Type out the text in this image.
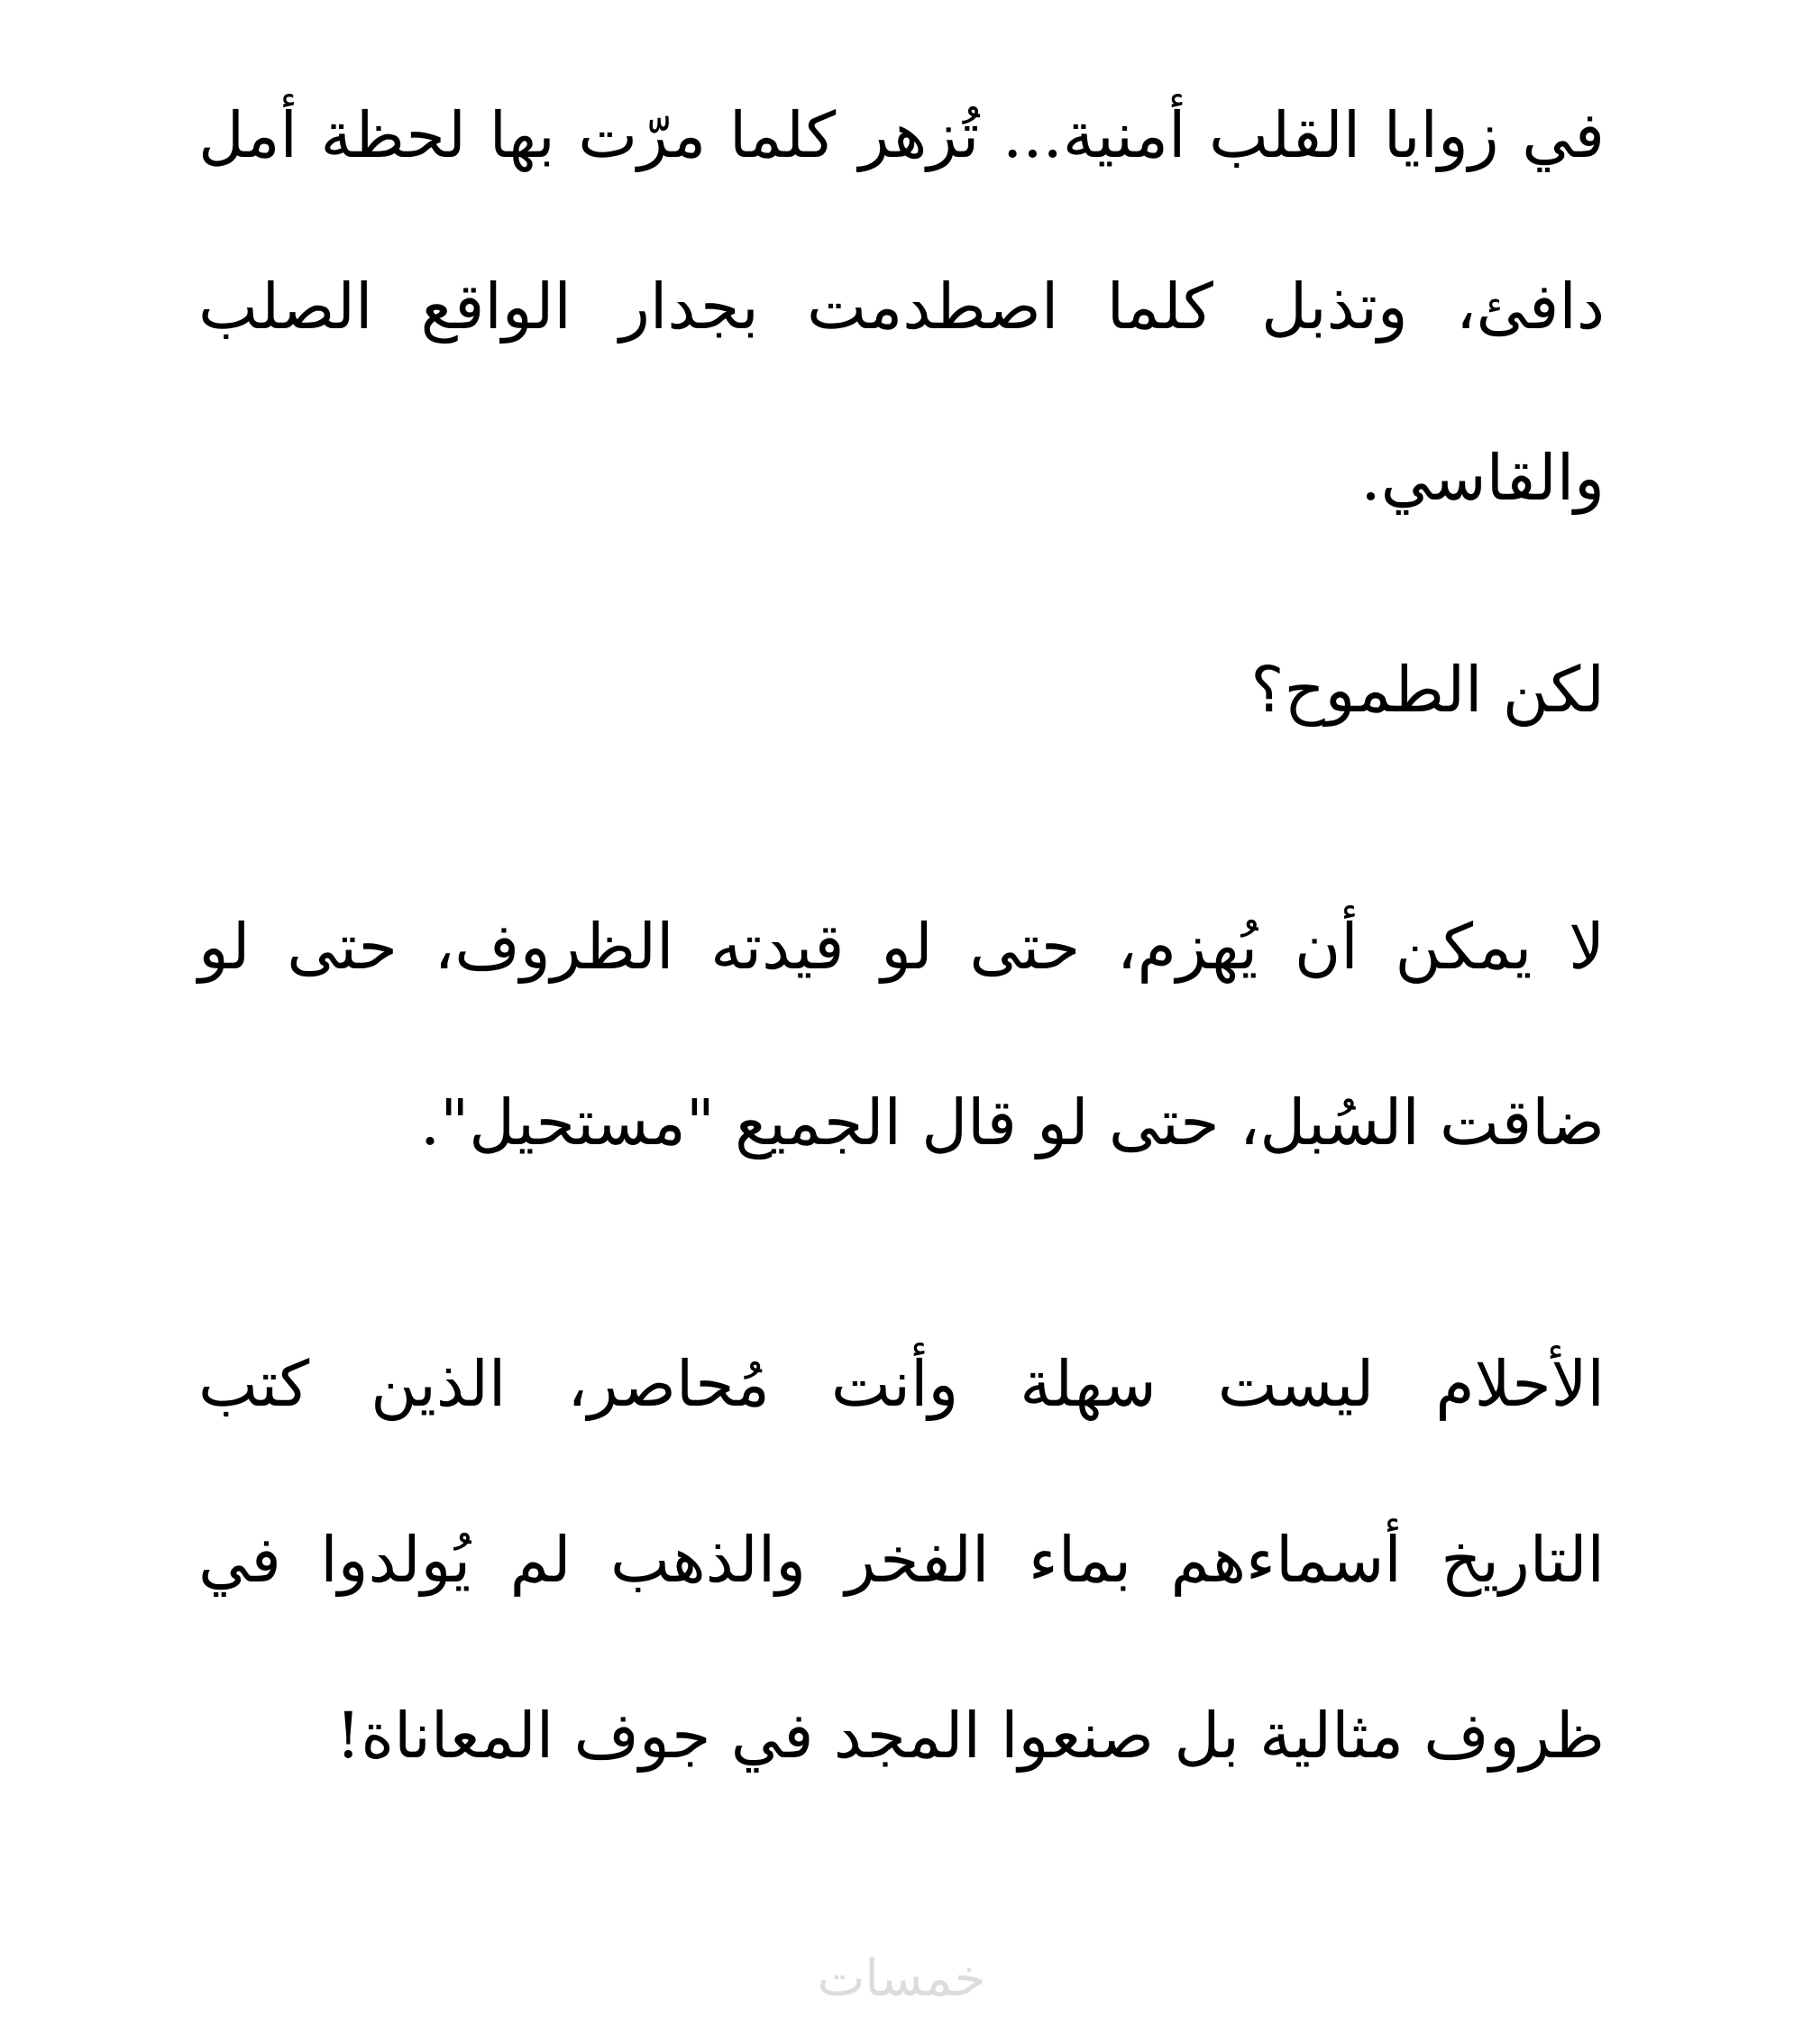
في زوايا القلب أمنية... تُزهر كلما مرّت بها لحظة أمل
دافئ، وتذبل كلما اصطدمت بجدار الواقع الصلب
والقاسي.
لكن الطموح؟
لا يمكن أن يُهزم، حتى لو قيدته الظروف، حتى لو
ضاقت السُبل، حتى لو قال الجميع "مستحيل".
الأحلام ليست سهلة وأنت مُحاصر، الذين كتب
التاريخ أسماءهم بماء الفخر والذهب لم يُولدوا في
ظروف مثالية بل صنعوا المجد في جوف المعاناة!
خمسات
